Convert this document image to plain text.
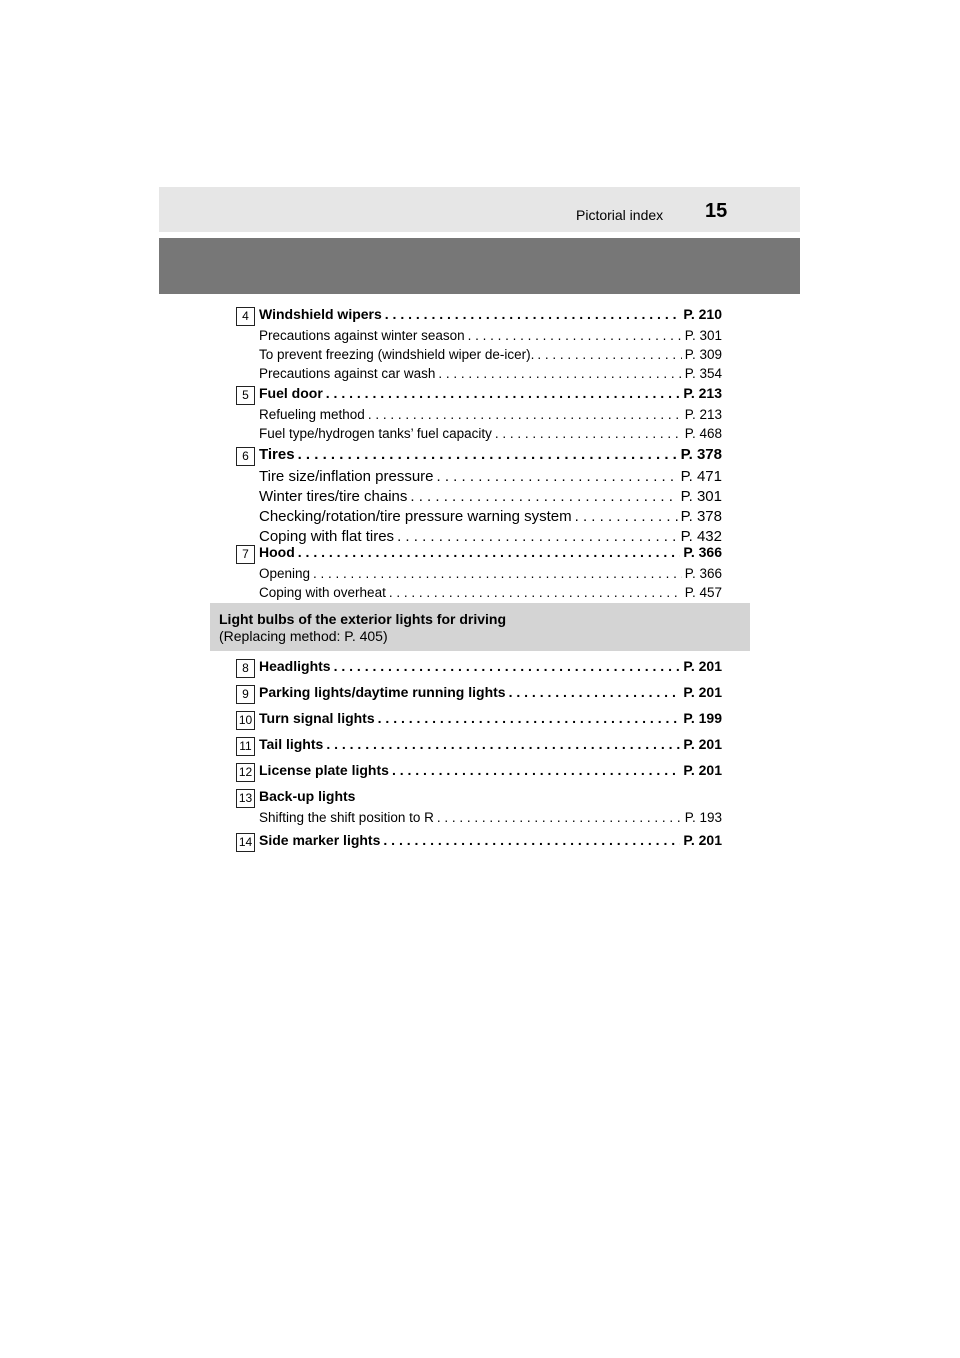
Pictorial index 15
4 Windshield wipers . . .	P. 210
Precautions against winter season . . .	P. 301
To prevent freezing (windshield wiper de-icer). . . .	P. 309
Precautions against car wash . . .	P. 354
5 Fuel door . . .	P. 213
Refueling method . . .	P. 213
Fuel type/hydrogen tanks’ fuel capacity . . .	P. 468
6 Tires . . .	P. 378
Tire size/inflation pressure . . .	P. 471
Winter tires/tire chains . . .	P. 301
Checking/rotation/tire pressure warning system . . .	P. 378
Coping with flat tires . . .	P. 432
7 Hood . . .	P. 366
Opening . . .	P. 366
Coping with overheat . . .	P. 457
Light bulbs of the exterior lights for driving
(Replacing method: P. 405)
8 Headlights . . .	P. 201
9 Parking lights/daytime running lights . . .	P. 201
10 Turn signal lights . . .	P. 199
11 Tail lights . . .	P. 201
12 License plate lights . . .	P. 201
13 Back-up lights
Shifting the shift position to R . . .	P. 193
14 Side marker lights . . .	P. 201
